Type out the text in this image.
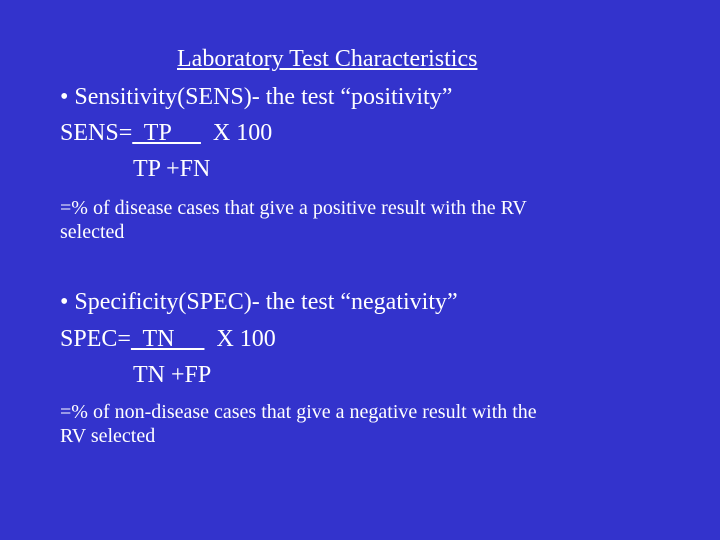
Laboratory Test Characteristics
• Sensitivity(SENS)- the test “positivity”
SENS=  TP       X 100
TP +FN
=% of disease cases that give a positive result with the RV
selected
• Specificity(SPEC)- the test “negativity”
SPEC=  TN       X 100
TN +FP
=% of non-disease cases that give a negative result with the
RV selected
